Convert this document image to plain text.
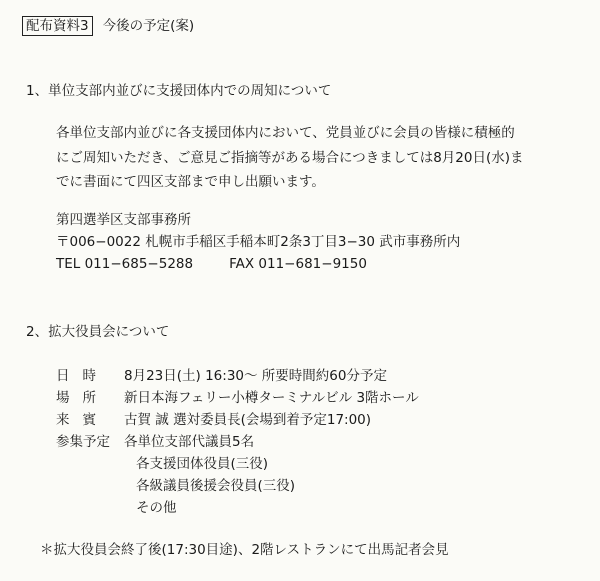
配布資料3 今後の予定(案)
1、単位支部内並びに支援団体内での周知について
各単位支部内並びに各支援団体内において、党員並びに会員の皆様に積極的
にご周知いただき、ご意見ご指摘等がある場合につきましては8月20日(水)ま
でに書面にて四区支部まで申し出願います。
第四選挙区支部事務所
〒006−0022 札幌市手稲区手稲本町2条3丁目3−30 武市事務所内
TEL 011−685−5288	FAX 011−681−9150
2、拡大役員会について
日時 8月23日(土) 16:30〜 所要時間約60分予定
場所 新日本海フェリー小樽ターミナルビル 3階ホール
来賓 古賀 誠 選対委員長(会場到着予定17:00)
参集予定 各単位支部代議員5名
各支援団体役員(三役)
各級議員後援会役員(三役)
その他
＊拡大役員会終了後(17:30目途)、2階レストランにて出馬記者会見
